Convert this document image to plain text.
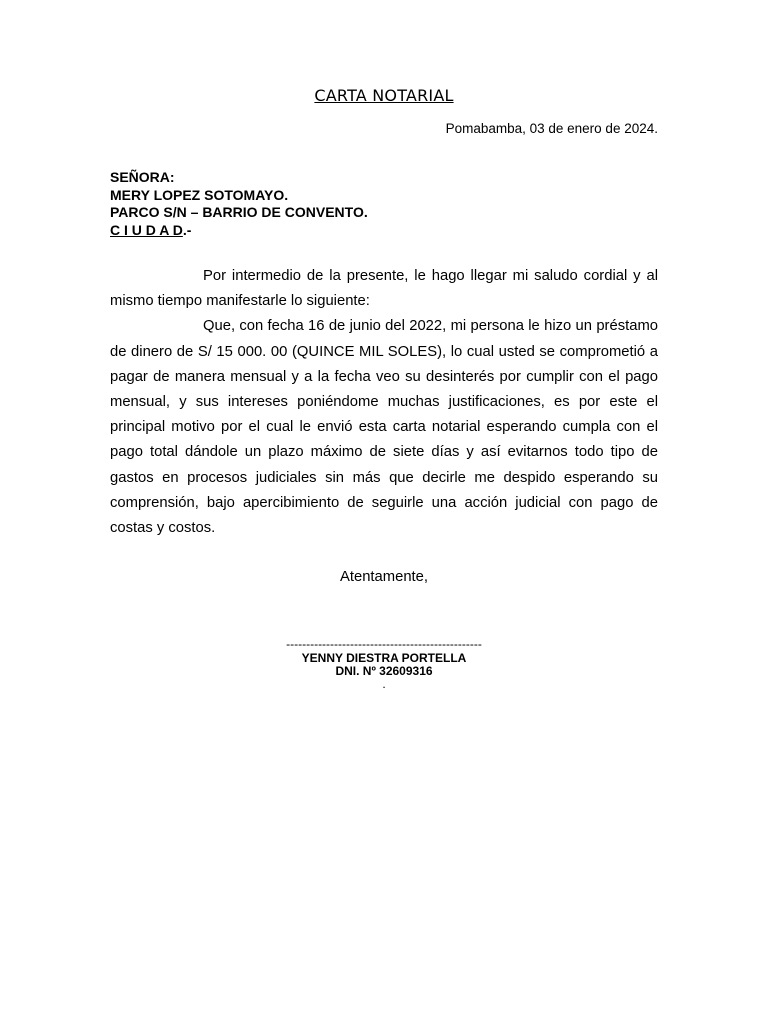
CARTA NOTARIAL
Pomabamba, 03 de enero de 2024.
SEÑORA:
MERY LOPEZ SOTOMAYO.
PARCO S/N – BARRIO DE CONVENTO.
C I U D A D.-

Por intermedio de la presente, le hago llegar mi saludo cordial y al mismo tiempo manifestarle lo siguiente:

Que, con fecha 16 de junio del 2022, mi persona le hizo un préstamo de dinero de S/ 15 000. 00 (QUINCE MIL SOLES), lo cual usted se comprometió a pagar de manera mensual y a la fecha veo su desinterés por cumplir con el pago mensual, y sus intereses poniéndome muchas justificaciones, es por este el principal motivo por el cual le envió esta carta notarial esperando cumpla con el pago total dándole un plazo máximo de siete días y así evitarnos todo tipo de gastos en procesos judiciales sin más que decirle me despido esperando su comprensión, bajo apercibimiento de seguirle una acción judicial con pago de costas y costos.

Atentamente,
-------------------------------------------------
YENNY DIESTRA PORTELLA
DNI. Nº 32609316
.
